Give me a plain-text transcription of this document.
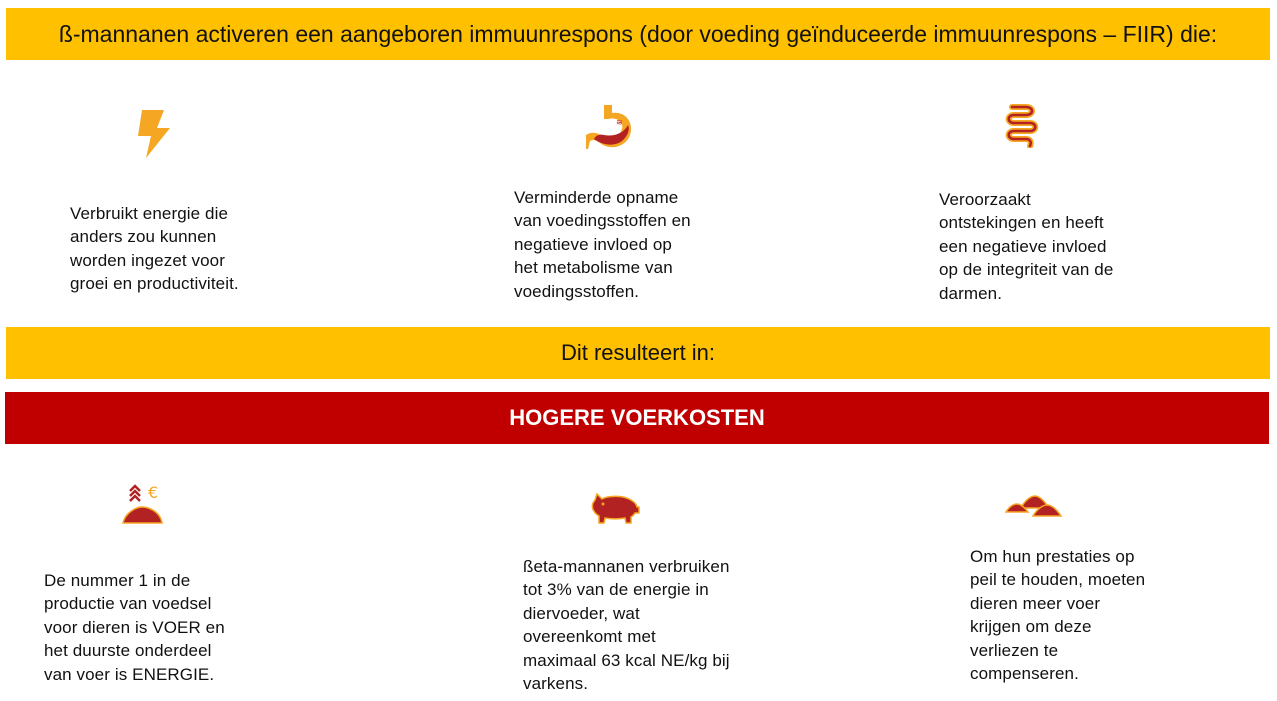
ß-mannanen activeren een aangeboren immuunrespons (door voeding geïnduceerde immuunrespons – FIIR) die:
≋
Verbruikt energie die
anders zou kunnen
worden ingezet voor
groei en productiviteit.
Verminderde opname
van voedingsstoffen en
negatieve invloed op
het metabolisme van
voedingsstoffen.
Veroorzaakt
ontstekingen en heeft
een negatieve invloed
op de integriteit van de
darmen.
Dit resulteert in:
HOGERE VOERKOSTEN
€
De nummer 1 in de
productie van voedsel
voor dieren is VOER en
het duurste onderdeel
van voer is ENERGIE.
ßeta-mannanen verbruiken
tot 3% van de energie in
diervoeder, wat
overeenkomt met
maximaal 63 kcal NE/kg bij
varkens.
Om hun prestaties op
peil te houden, moeten
dieren meer voer
krijgen om deze
verliezen te
compenseren.
